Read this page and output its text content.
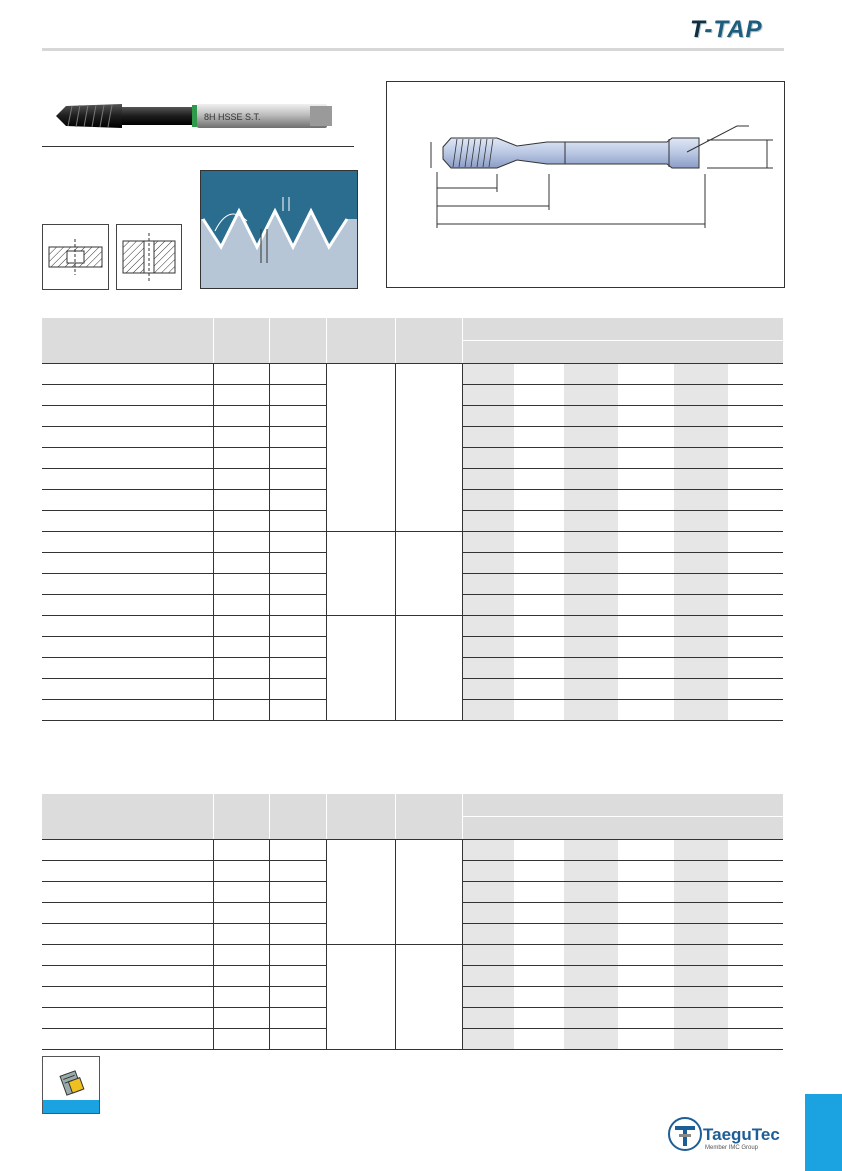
T-TAP
8H HSSE S.T.

TaeguTec
Member IMC Group
